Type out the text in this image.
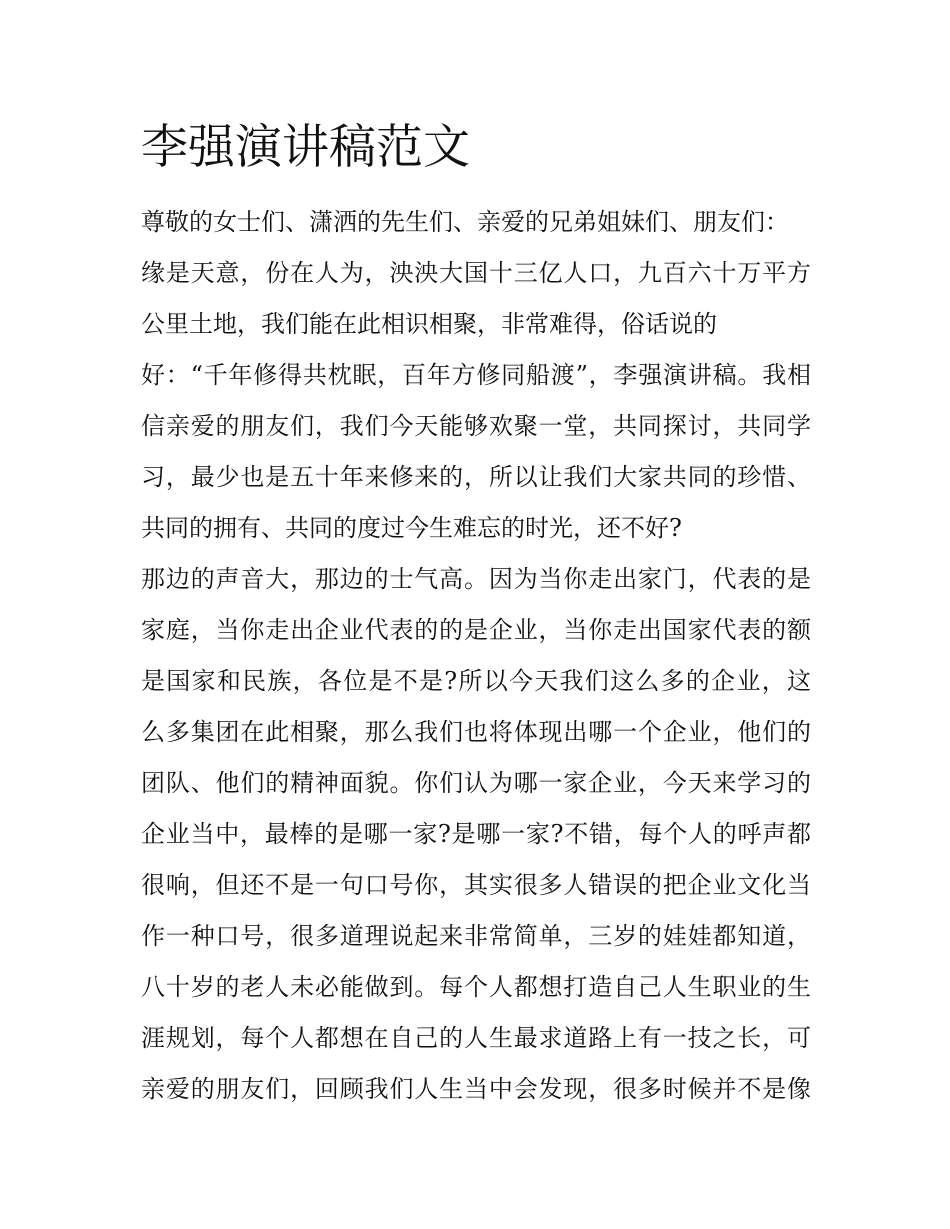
李强演讲稿范文
尊敬的女士们、潇洒的先生们、亲爱的兄弟姐妹们、朋友们：
缘是天意，份在人为，泱泱大国十三亿人口，九百六十万平方
公里土地，我们能在此相识相聚，非常难得，俗话说的
好：“千年修得共枕眠，百年方修同船渡”，李强演讲稿。我相
信亲爱的朋友们，我们今天能够欢聚一堂，共同探讨，共同学
习，最少也是五十年来修来的，所以让我们大家共同的珍惜、
共同的拥有、共同的度过今生难忘的时光，还不好?
那边的声音大，那边的士气高。因为当你走出家门，代表的是
家庭，当你走出企业代表的的是企业，当你走出国家代表的额
是国家和民族，各位是不是?所以今天我们这么多的企业，这
么多集团在此相聚，那么我们也将体现出哪一个企业，他们的
团队、他们的精神面貌。你们认为哪一家企业，今天来学习的
企业当中，最棒的是哪一家?是哪一家?不错，每个人的呼声都
很响，但还不是一句口号你，其实很多人错误的把企业文化当
作一种口号，很多道理说起来非常简单，三岁的娃娃都知道，
八十岁的老人未必能做到。每个人都想打造自己人生职业的生
涯规划，每个人都想在自己的人生最求道路上有一技之长，可
亲爱的朋友们，回顾我们人生当中会发现，很多时候并不是像
